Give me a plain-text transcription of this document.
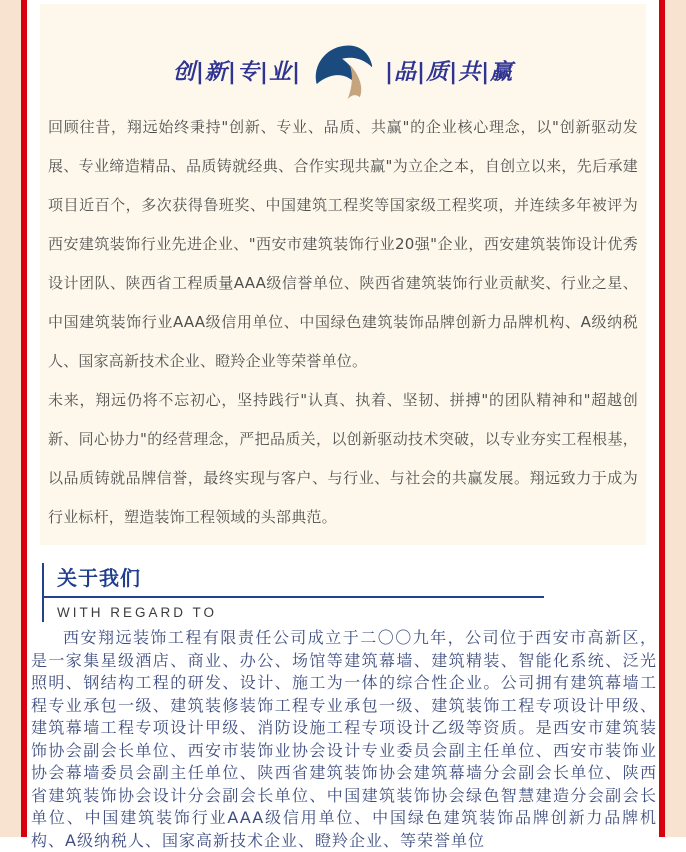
创|新|专|业|	|品|质|共|赢

回顾往昔，翔远始终秉持"创新、专业、品质、共赢"的企业核心理念，以"创新驱动发展、专业缔造精品、品质铸就经典、合作实现共赢"为立企之本，自创立以来，先后承建项目近百个，多次获得鲁班奖、中国建筑工程奖等国家级工程奖项，并连续多年被评为西安建筑装饰行业先进企业、"西安市建筑装饰行业20强"企业，西安建筑装饰设计优秀设计团队、陕西省工程质量AAA级信誉单位、陕西省建筑装饰行业贡献奖、行业之星、中国建筑装饰行业AAA级信用单位、中国绿色建筑装饰品牌创新力品牌机构、A级纳税人、国家高新技术企业、瞪羚企业等荣誉单位。

未来，翔远仍将不忘初心，坚持践行"认真、执着、坚韧、拼搏"的团队精神和"超越创新、同心协力"的经营理念，严把品质关，以创新驱动技术突破，以专业夯实工程根基，以品质铸就品牌信誉，最终实现与客户、与行业、与社会的共赢发展。翔远致力于成为行业标杆，塑造装饰工程领域的头部典范。

关于我们
WITH REGARD TO

西安翔远装饰工程有限责任公司成立于二〇〇九年，公司位于西安市高新区，是一家集星级酒店、商业、办公、场馆等建筑幕墙、建筑精装、智能化系统、泛光照明、钢结构工程的研发、设计、施工为一体的综合性企业。公司拥有建筑幕墙工程专业承包一级、建筑装修装饰工程专业承包一级、建筑装饰工程专项设计甲级、建筑幕墙工程专项设计甲级、消防设施工程专项设计乙级等资质。是西安市建筑装饰协会副会长单位、西安市装饰业协会设计专业委员会副主任单位、西安市装饰业协会幕墙委员会副主任单位、陕西省建筑装饰协会建筑幕墙分会副会长单位、陕西省建筑装饰协会设计分会副会长单位、中国建筑装饰协会绿色智慧建造分会副会长单位、中国建筑装饰行业AAA级信用单位、中国绿色建筑装饰品牌创新力品牌机构、A级纳税人、国家高新技术企业、瞪羚企业、等荣誉单位
